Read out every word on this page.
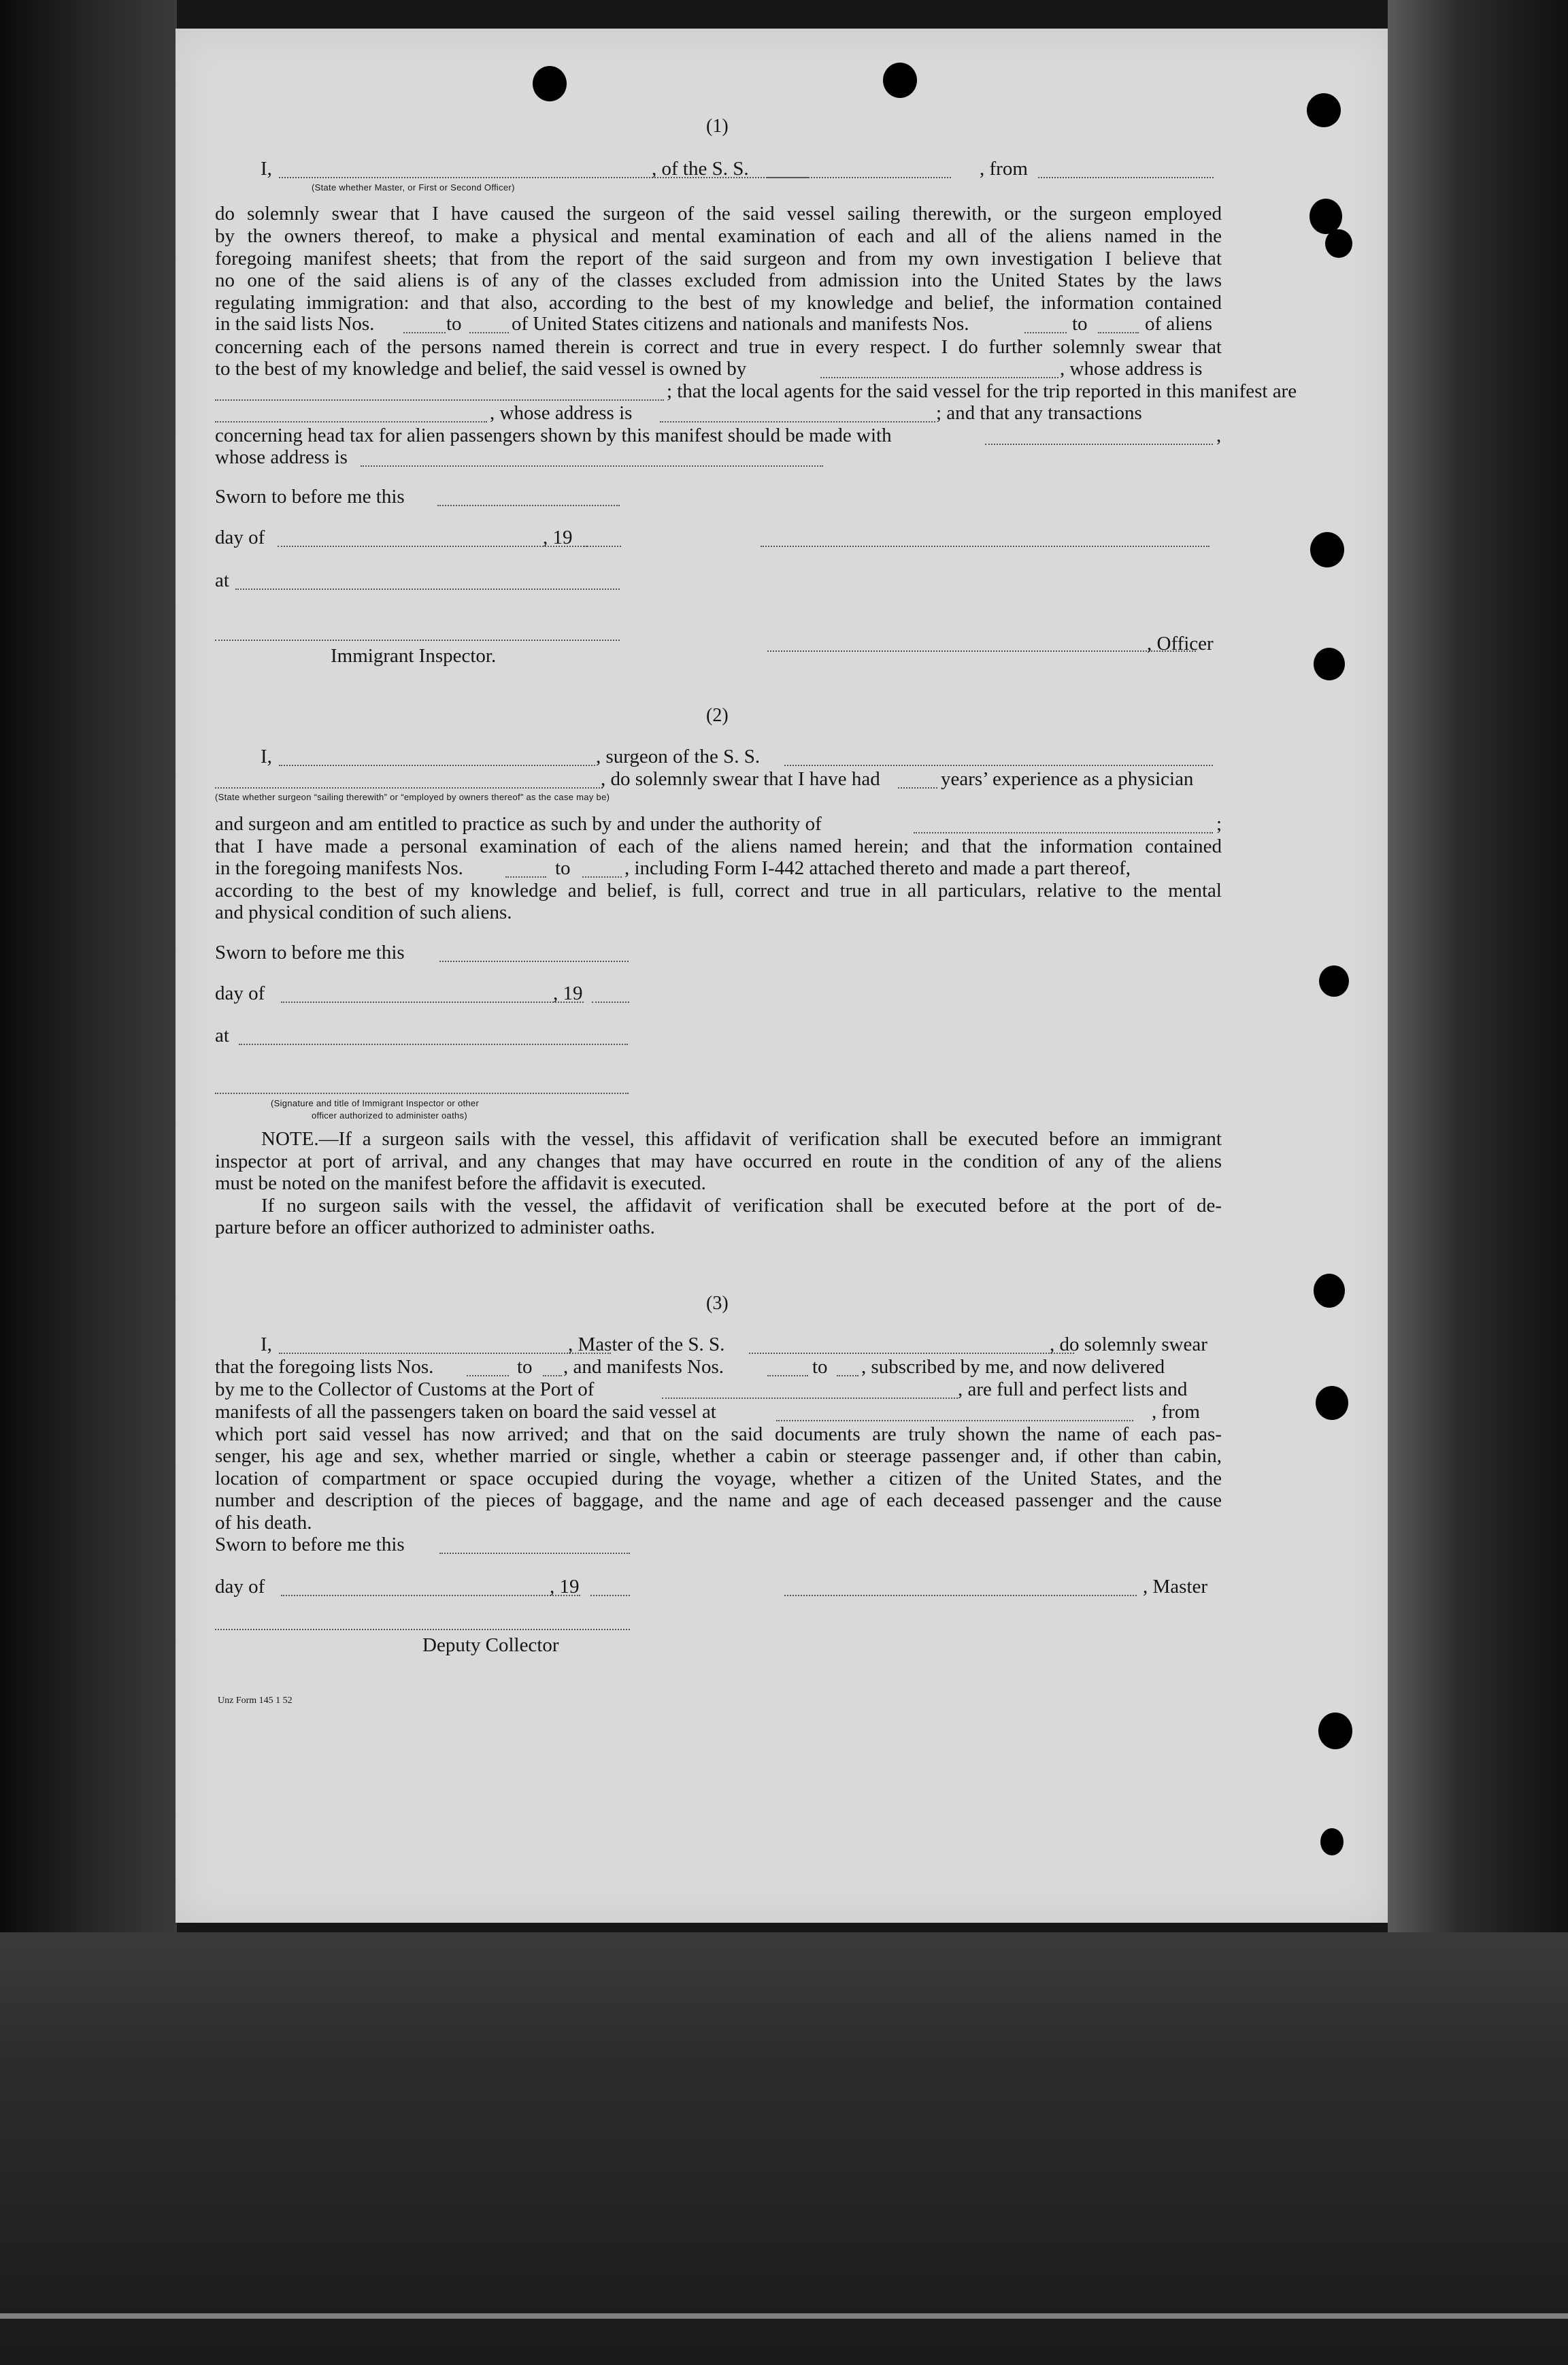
(1)
I,	, of the S. S.	, from
(State whether Master, or First or Second Officer)
do solemnly swear that I have caused the surgeon of the said vessel sailing therewith, or the surgeon employed
by the owners thereof, to make a physical and mental examination of each and all of the aliens named in the
foregoing manifest sheets; that from the report of the said surgeon and from my own investigation I believe that
no one of the said aliens is of any of the classes excluded from admission into the United States by the laws
regulating immigration: and that also, according to the best of my knowledge and belief, the information contained
in the said lists Nos.	to	of United States citizens and nationals and manifests Nos.	to	of aliens
concerning each of the persons named therein is correct and true in every respect. I do further solemnly swear that
to the best of my knowledge and belief, the said vessel is owned by	, whose address is
; that the local agents for the said vessel for the trip reported in this manifest are
, whose address is	; and that any transactions
concerning head tax for alien passengers shown by this manifest should be made with	,
whose address is
Sworn to before me this
day of	, 19
at
Immigrant Inspector.
, Officer
(2)
I,	, surgeon of the S. S.
, do solemnly swear that I have had	years’ experience as a physician
(State whether surgeon “sailing therewith” or “employed by owners thereof” as the case may be)
and surgeon and am entitled to practice as such by and under the authority of	;
that I have made a personal examination of each of the aliens named herein; and that the information contained
in the foregoing manifests Nos.	to	, including Form I-442 attached thereto and made a part thereof,
according to the best of my knowledge and belief, is full, correct and true in all particulars, relative to the mental
and physical condition of such aliens.
Sworn to before me this
day of	, 19
at
(Signature and title of Immigrant Inspector or other
officer authorized to administer oaths)
NOTE.—If a surgeon sails with the vessel, this affidavit of verification shall be executed before an immigrant
inspector at port of arrival, and any changes that may have occurred en route in the condition of any of the aliens
must be noted on the manifest before the affidavit is executed.
If no surgeon sails with the vessel, the affidavit of verification shall be executed before at the port of de-
parture before an officer authorized to administer oaths.
(3)
I,	, Master of the S. S.	, do solemnly swear
that the foregoing lists Nos.	to , and manifests Nos.	to , subscribed by me, and now delivered
by me to the Collector of Customs at the Port of	, are full and perfect lists and
manifests of all the passengers taken on board the said vessel at	, from
which port said vessel has now arrived; and that on the said documents are truly shown the name of each pas-
senger, his age and sex, whether married or single, whether a cabin or steerage passenger and, if other than cabin,
location of compartment or space occupied during the voyage, whether a citizen of the United States, and the
number and description of the pieces of baggage, and the name and age of each deceased passenger and the cause
of his death.
Sworn to before me this
day of	, 19	, Master
Deputy Collector
Unz Form 145 1 52
